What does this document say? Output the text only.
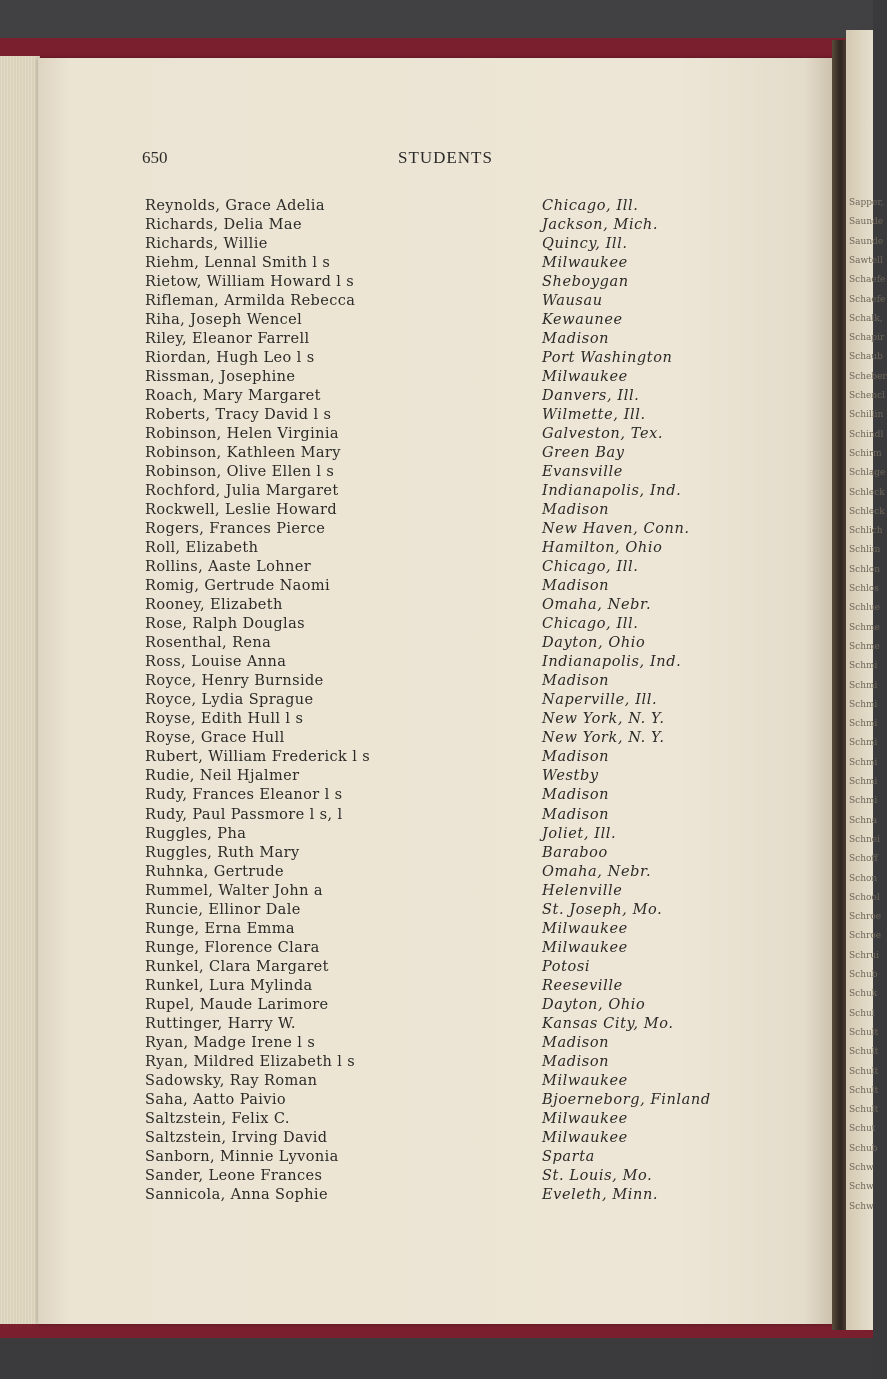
650	STUDENTS
Reynolds, Grace Adelia	Chicago, Ill.
Richards, Delia Mae	Jackson, Mich.
Richards, Willie	Quincy, Ill.
Riehm, Lennal Smith l s	Milwaukee
Rietow, William Howard l s	Sheboygan
Rifleman, Armilda Rebecca	Wausau
Riha, Joseph Wencel	Kewaunee
Riley, Eleanor Farrell	Madison
Riordan, Hugh Leo l s	Port Washington
Rissman, Josephine	Milwaukee
Roach, Mary Margaret	Danvers, Ill.
Roberts, Tracy David l s	Wilmette, Ill.
Robinson, Helen Virginia	Galveston, Tex.
Robinson, Kathleen Mary	Green Bay
Robinson, Olive Ellen l s	Evansville
Rochford, Julia Margaret	Indianapolis, Ind.
Rockwell, Leslie Howard	Madison
Rogers, Frances Pierce	New Haven, Conn.
Roll, Elizabeth	Hamilton, Ohio
Rollins, Aaste Lohner	Chicago, Ill.
Romig, Gertrude Naomi	Madison
Rooney, Elizabeth	Omaha, Nebr.
Rose, Ralph Douglas	Chicago, Ill.
Rosenthal, Rena	Dayton, Ohio
Ross, Louise Anna	Indianapolis, Ind.
Royce, Henry Burnside	Madison
Royce, Lydia Sprague	Naperville, Ill.
Royse, Edith Hull l s	New York, N. Y.
Royse, Grace Hull	New York, N. Y.
Rubert, William Frederick l s	Madison
Rudie, Neil Hjalmer	Westby
Rudy, Frances Eleanor l s	Madison
Rudy, Paul Passmore l s, l	Madison
Ruggles, Pha	Joliet, Ill.
Ruggles, Ruth Mary	Baraboo
Ruhnka, Gertrude	Omaha, Nebr.
Rummel, Walter John a	Helenville
Runcie, Ellinor Dale	St. Joseph, Mo.
Runge, Erna Emma	Milwaukee
Runge, Florence Clara	Milwaukee
Runkel, Clara Margaret	Potosi
Runkel, Lura Mylinda	Reeseville
Rupel, Maude Larimore	Dayton, Ohio
Ruttinger, Harry W.	Kansas City, Mo.
Ryan, Madge Irene l s	Madison
Ryan, Mildred Elizabeth l s	Madison
Sadowsky, Ray Roman	Milwaukee
Saha, Aatto Paivio	Bjoerneborg, Finland
Saltzstein, Felix C.	Milwaukee
Saltzstein, Irving David	Milwaukee
Sanborn, Minnie Lyvonia	Sparta
Sander, Leone Frances	St. Louis, Mo.
Sannicola, Anna Sophie	Eveleth, Minn.
Sapper,
Saunde
Saunde
Sawtell
Schaefe
Schaefe
Schalk,
Schapir
Schaub
Scheber
Schencl
Schillin
Schindl
Schirm
Schlage
Schleck
Schleck
Schlich
Schlim
Schlon
Schlos
Schlue
Schme
Schme
Schmi
Schmi
Schmi
Schmi
Schmi
Schmi
Schmi
Schmi
Schna
Schnei
Schoff
Schon
School
Schroe
Schroe
Schrui
Schub
Schuk
Schul
Schult
Schult
Schult
Schult
Schult
Schut
Schub
Schw
Schw
Schw
